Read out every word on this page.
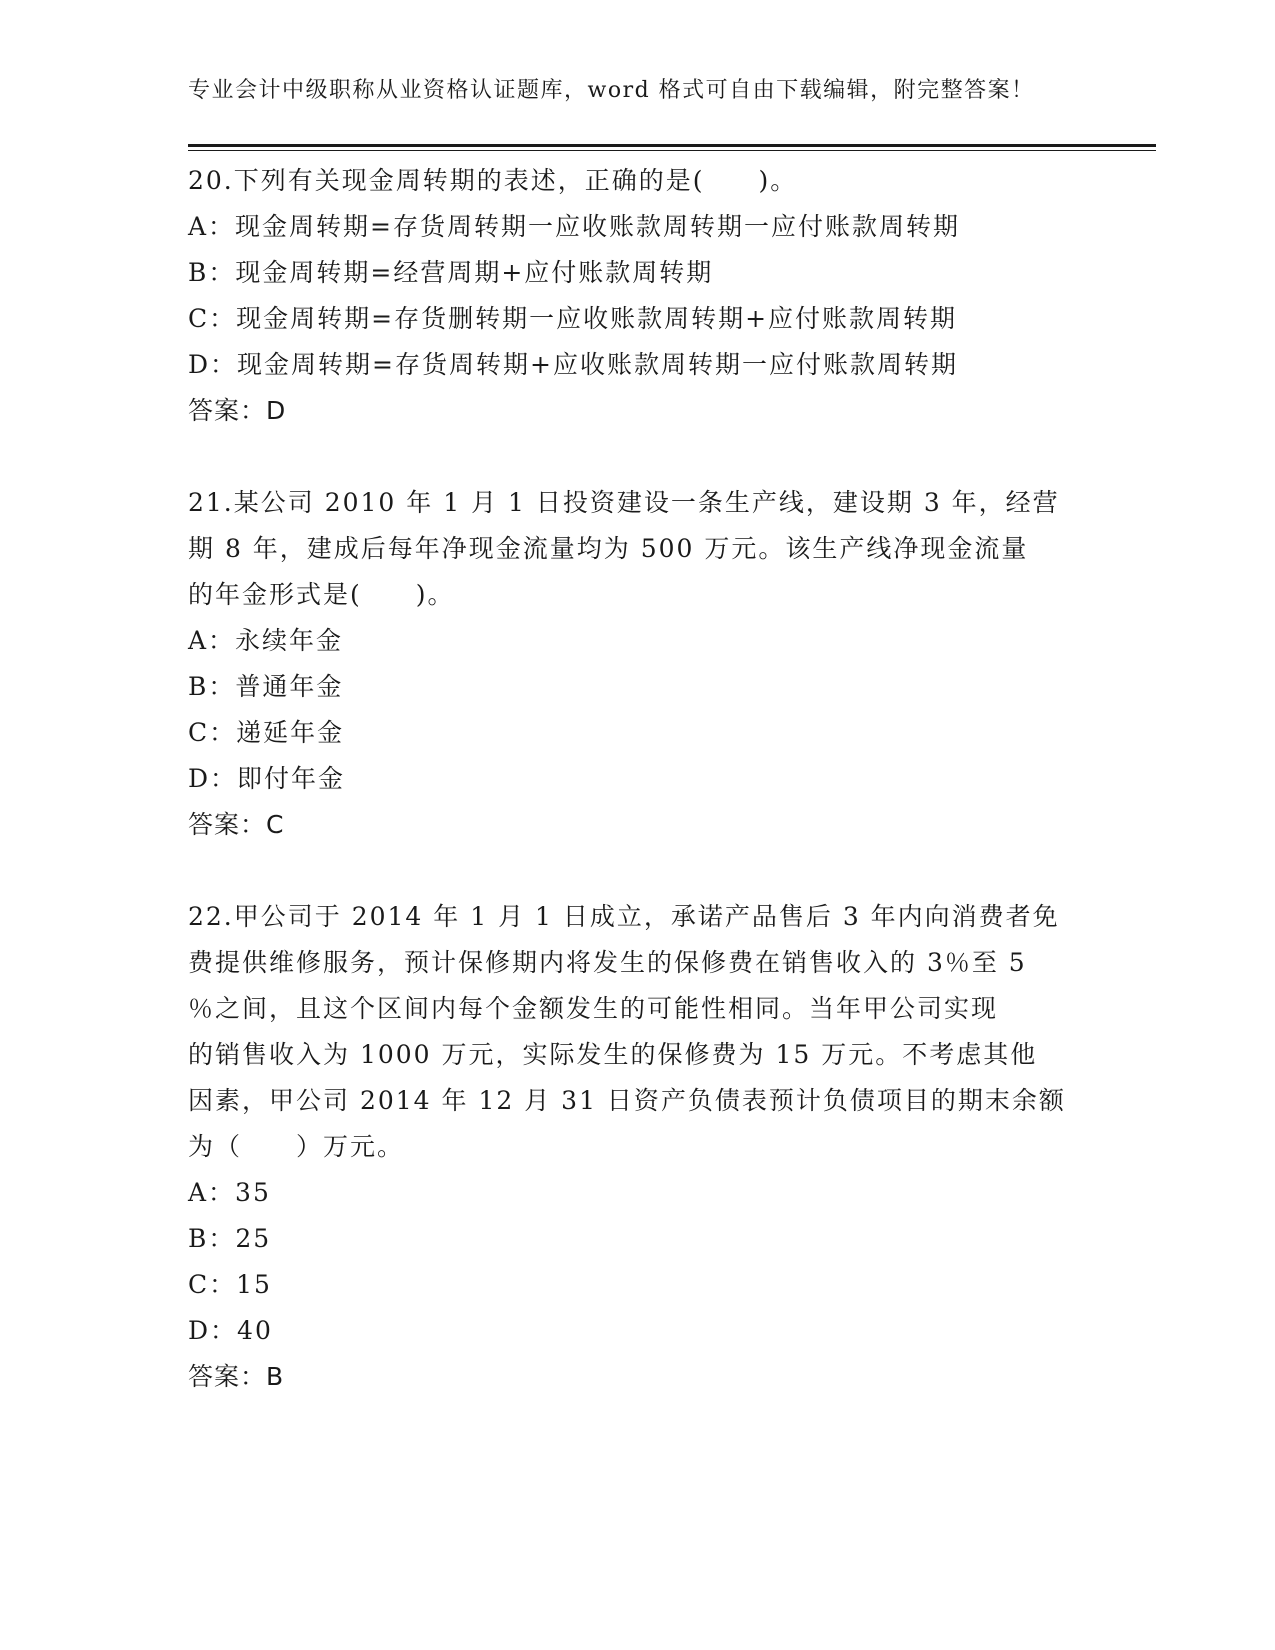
专业会计中级职称从业资格认证题库，word 格式可自由下载编辑，附完整答案！
20.下列有关现金周转期的表述，正确的是(　　)。
A：现金周转期=存货周转期一应收账款周转期一应付账款周转期
B：现金周转期=经营周期+应付账款周转期
C：现金周转期=存货删转期一应收账款周转期+应付账款周转期
D：现金周转期=存货周转期+应收账款周转期一应付账款周转期
答案：D
21.某公司 2010 年 1 月 1 日投资建设一条生产线，建设期 3 年，经营
期 8 年，建成后每年净现金流量均为 500 万元。该生产线净现金流量
的年金形式是(　　)。
A：永续年金
B：普通年金
C：递延年金
D：即付年金
答案：C
22.甲公司于 2014 年 1 月 1 日成立，承诺产品售后 3 年内向消费者免
费提供维修服务，预计保修期内将发生的保修费在销售收入的 3％至 5
％之间，且这个区间内每个金额发生的可能性相同。当年甲公司实现
的销售收入为 1000 万元，实际发生的保修费为 15 万元。不考虑其他
因素，甲公司 2014 年 12 月 31 日资产负债表预计负债项目的期末余额
为（　　）万元。
A：35
B：25
C：15
D：40
答案：B
